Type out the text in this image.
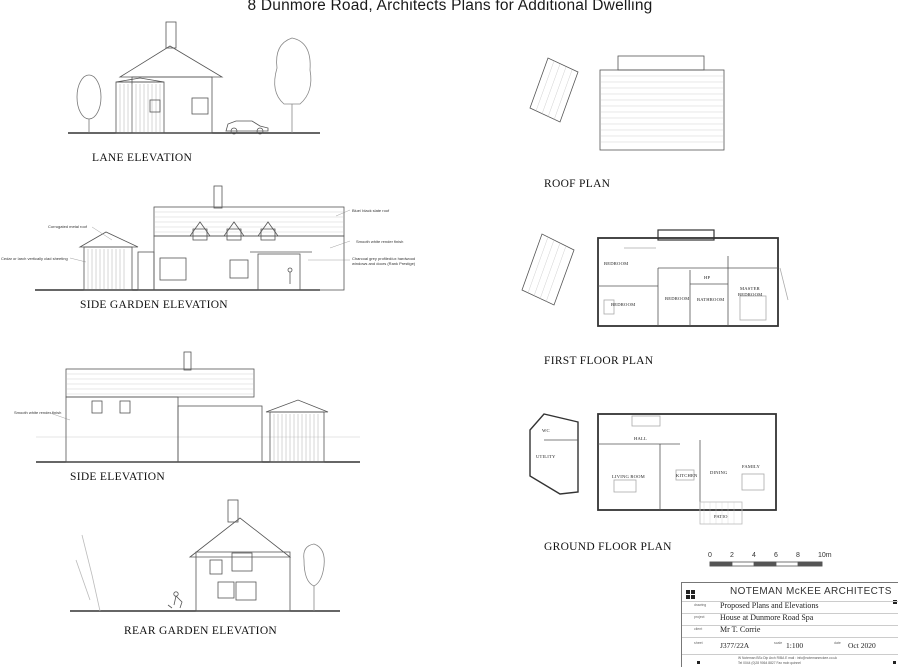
8 Dunmore Road, Architects Plans for Additional Dwelling
LANE ELEVATION
SIDE GARDEN ELEVATION
SIDE ELEVATION
REAR GARDEN ELEVATION
ROOF PLAN
FIRST FLOOR PLAN
GROUND FLOOR PLAN
Corrugated metal roof
Cedar or larch vertically clad sheeting
Blue/ black slate roof
Smooth white render finish
Charcoal grey profiled/ux hardwood windows and doors (Rank Prestige)
Smooth white render finish
BEDROOM
BEDROOM
BEDROOM
HP
BATHROOM
MASTER
BEDROOM
WC
HALL
UTILITY
LIVING ROOM	KITCHEN
DINING
FAMILY
PATIO
0	2	4	6	8	10m
NOTEMAN McKEE ARCHITECTS
drawing Proposed Plans and Elevations
project House at Dunmore Road Spa
client Mr T. Corrie
sheet J377/22A	scale 1:100	date Oct 2020
W Noteman BSc Dip Arch RIBA E mail : info@notemanmckee.co.uk
Tel 0044 (0)28 9064 8827 Fax mob quinnel
